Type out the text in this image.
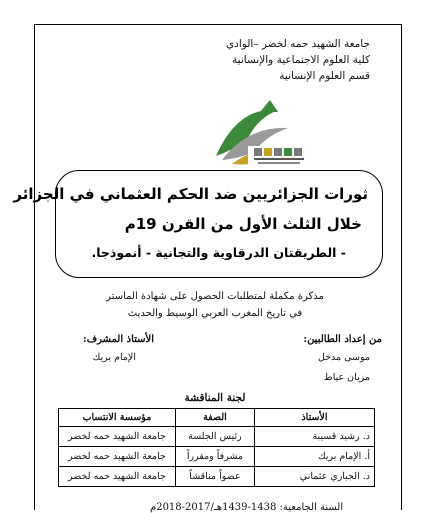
جامعة الشهيد حمه لخضر –الوادي
كلية العلوم الاجتماعية والإنسانية
قسم العلوم الإنسانية
ثورات الجزائريين ضد الحكم العثماني في الجزائر
خلال الثلث الأول من القرن 19م
- الطريقتان الدرقاوية والتجانية - أنموذجا.
مذكرة مكملة لمتطلبات الحصول على شهادة الماستر
في تاريخ المغرب العربي الوسيط والحديث
من إعداد الطالبين:
الأستاذ المشرف:
موسى مدخل
الإمام بريك
مزيان عياط
لجنة المناقشة
الأستاذ	الصفة	مؤسسة الانتساب
د. رشيد قسيبة	رئيس الجلسة	جامعة الشهيد حمه لخضر
أ. الإمام بريك	مشرفاً ومقرراً	جامعة الشهيد حمه لخضر
د. الجباري عثماني	عضواً مناقشاً	جامعة الشهيد حمه لخضر
السنة الجامعية: 1438-1439هـ/2017-2018م
